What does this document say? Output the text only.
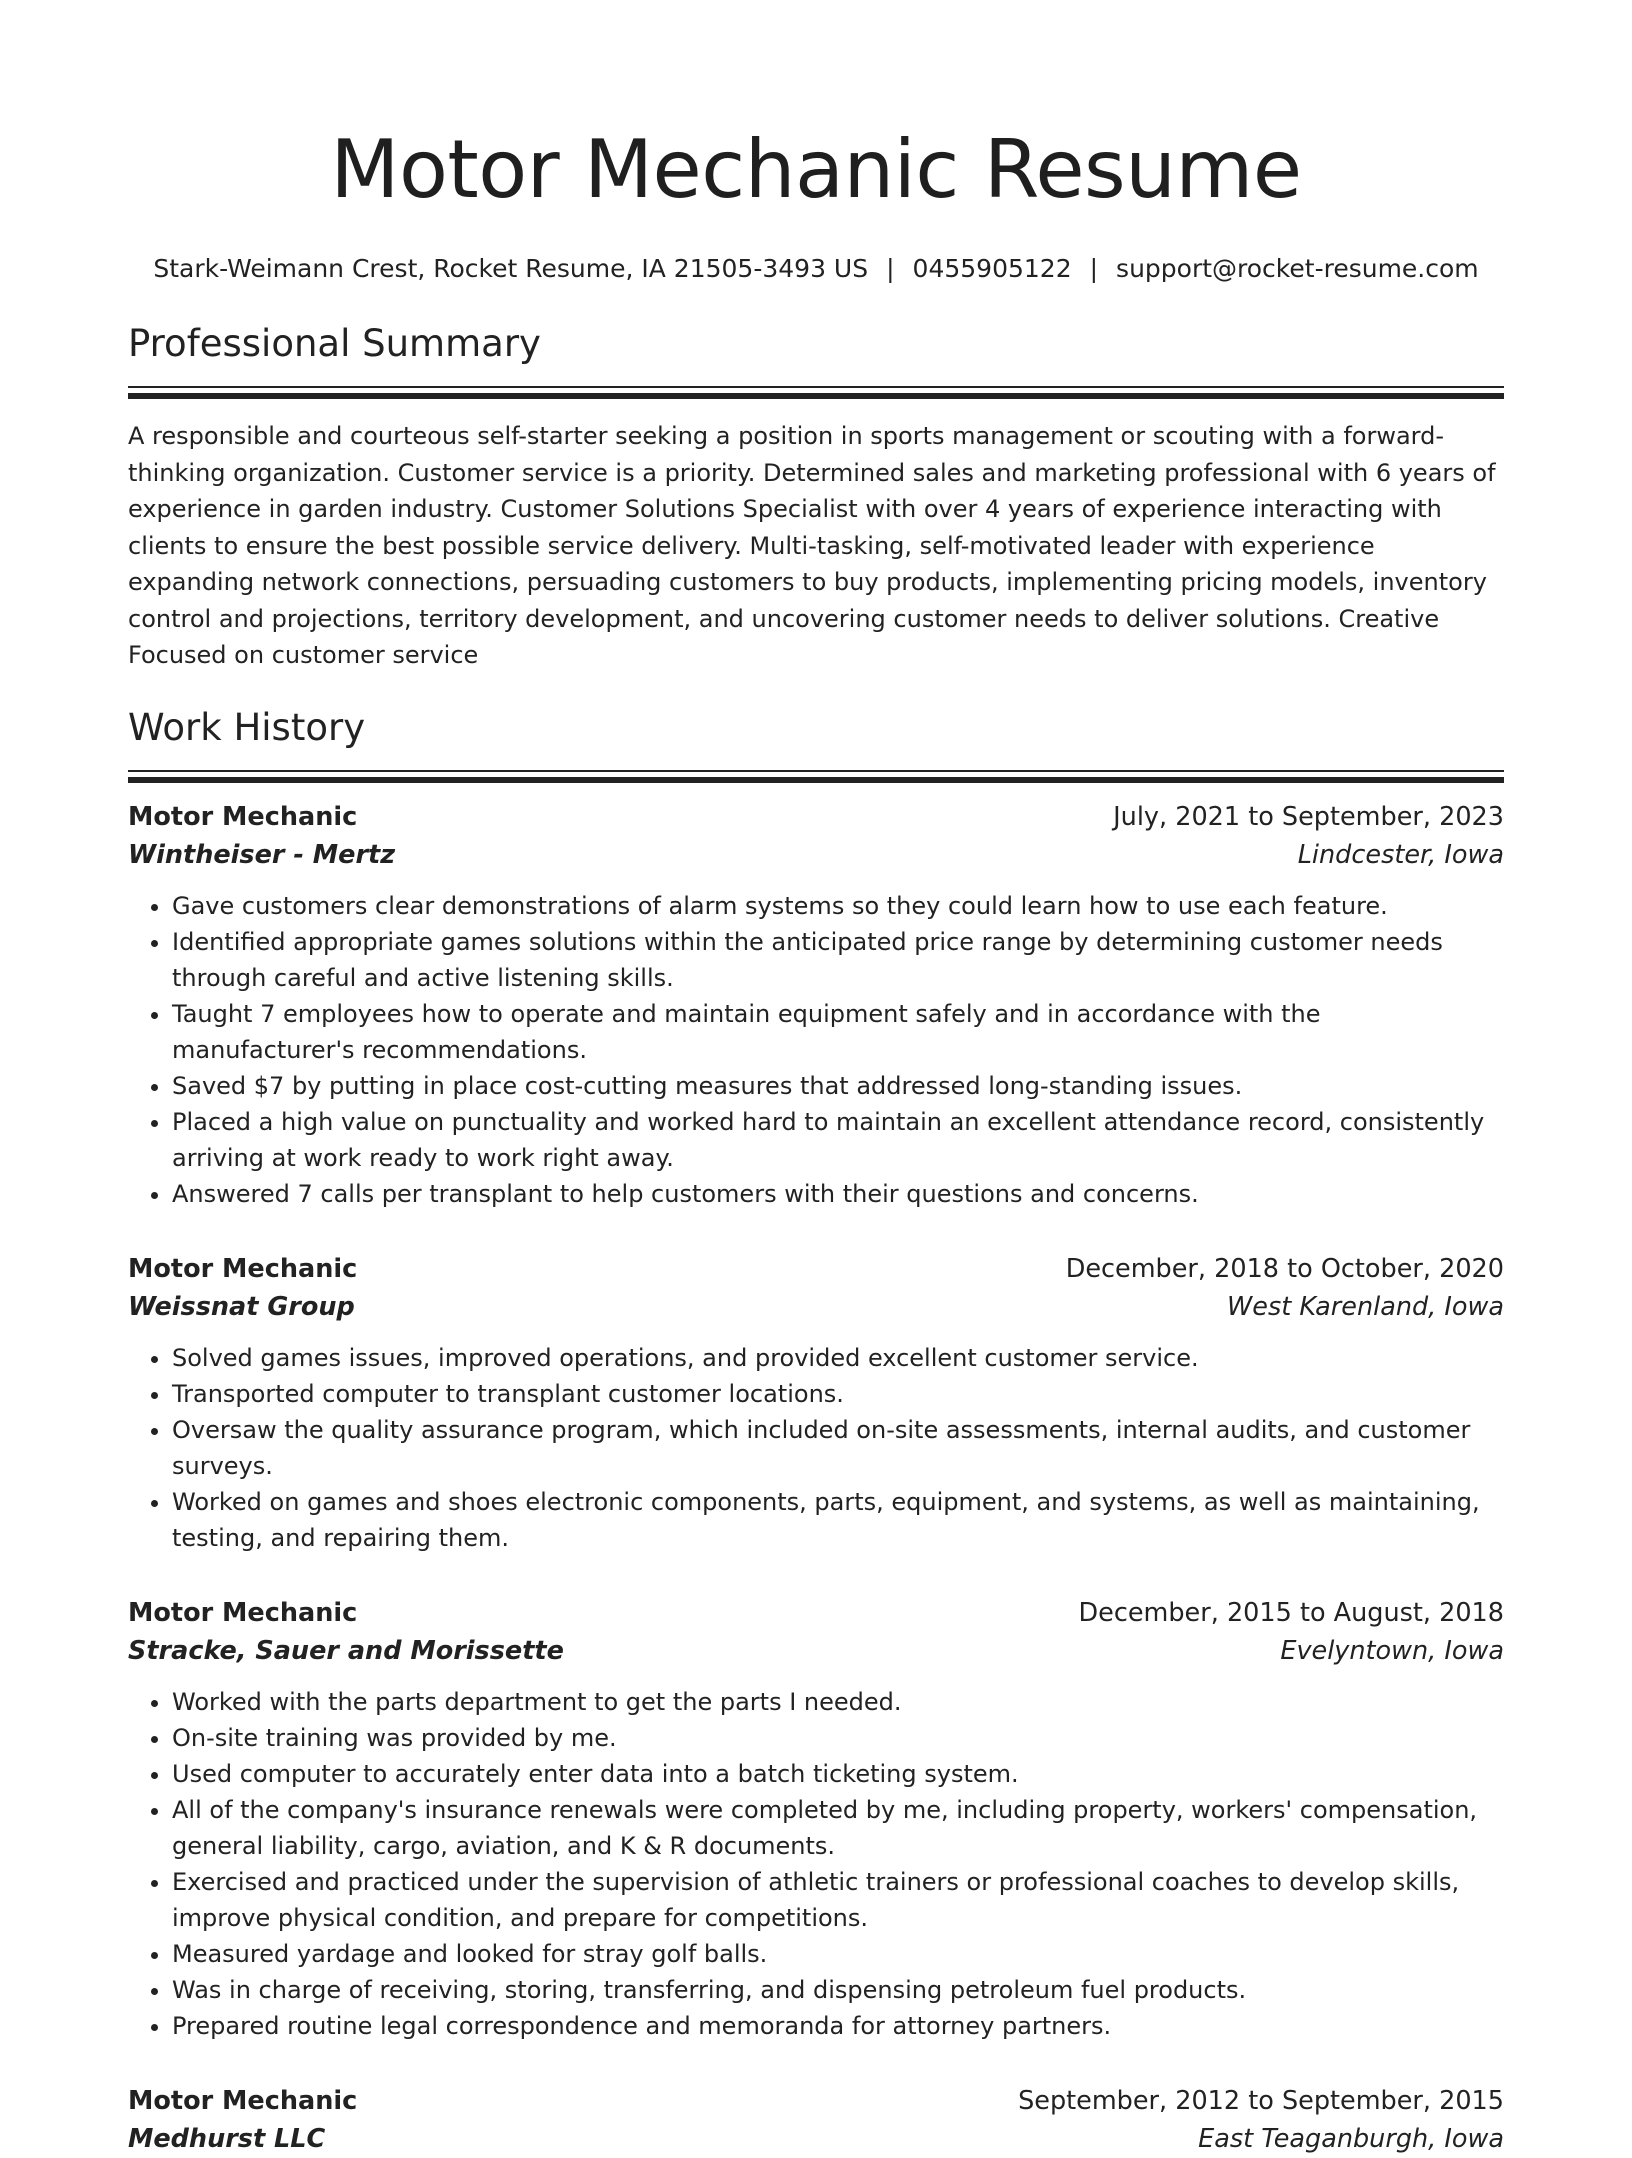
Motor Mechanic Resume
Stark-Weimann Crest, Rocket Resume, IA 21505-3493 US | 0455905122 | support@rocket-resume.com
Professional Summary

A responsible and courteous self-starter seeking a position in sports management or scouting with a forward-thinking organization. Customer service is a priority. Determined sales and marketing professional with 6 years of experience in garden industry. Customer Solutions Specialist with over 4 years of experience interacting with clients to ensure the best possible service delivery. Multi-tasking, self-motivated leader with experience expanding network connections, persuading customers to buy products, implementing pricing models, inventory control and projections, territory development, and uncovering customer needs to deliver solutions. Creative Focused on customer service

Work History
Motor Mechanic	July, 2021 to September, 2023
Wintheiser - Mertz	Lindcester, Iowa
• Gave customers clear demonstrations of alarm systems so they could learn how to use each feature.
• Identified appropriate games solutions within the anticipated price range by determining customer needs through careful and active listening skills.
• Taught 7 employees how to operate and maintain equipment safely and in accordance with the manufacturer's recommendations.
• Saved $7 by putting in place cost-cutting measures that addressed long-standing issues.
• Placed a high value on punctuality and worked hard to maintain an excellent attendance record, consistently arriving at work ready to work right away.
• Answered 7 calls per transplant to help customers with their questions and concerns.
Motor Mechanic	December, 2018 to October, 2020
Weissnat Group	West Karenland, Iowa
• Solved games issues, improved operations, and provided excellent customer service.
• Transported computer to transplant customer locations.
• Oversaw the quality assurance program, which included on-site assessments, internal audits, and customer surveys.
• Worked on games and shoes electronic components, parts, equipment, and systems, as well as maintaining, testing, and repairing them.
Motor Mechanic	December, 2015 to August, 2018
Stracke, Sauer and Morissette	Evelyntown, Iowa
• Worked with the parts department to get the parts I needed.
• On-site training was provided by me.
• Used computer to accurately enter data into a batch ticketing system.
• All of the company's insurance renewals were completed by me, including property, workers' compensation, general liability, cargo, aviation, and K & R documents.
• Exercised and practiced under the supervision of athletic trainers or professional coaches to develop skills, improve physical condition, and prepare for competitions.
• Measured yardage and looked for stray golf balls.
• Was in charge of receiving, storing, transferring, and dispensing petroleum fuel products.
• Prepared routine legal correspondence and memoranda for attorney partners.
Motor Mechanic	September, 2012 to September, 2015
Medhurst LLC	East Teaganburgh, Iowa
